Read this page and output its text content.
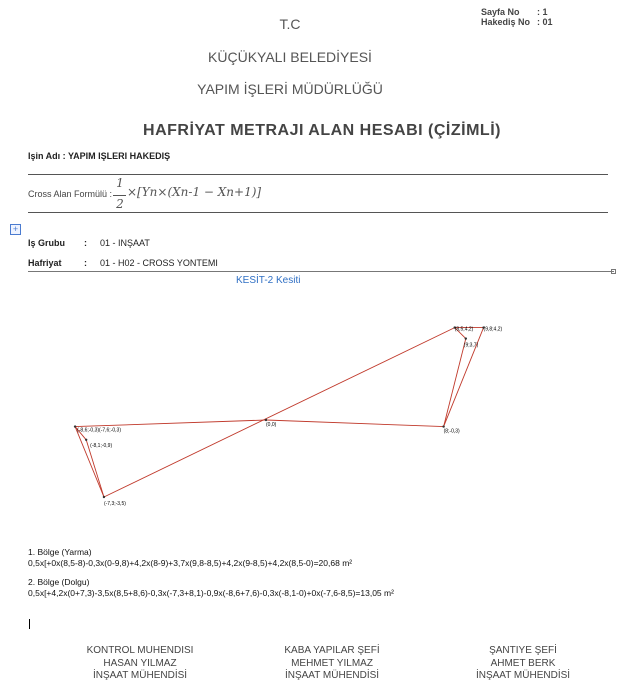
T.C
KÜÇÜKYALI BELEDİYESİ
YAPIM İŞLERİ MÜDÜRLÜĞÜ
Sayfa No : 1
Hakediş No : 01
HAFRİYAT METRAJI ALAN HESABI (ÇİZİMLİ)
Işin Adı : YAPIM IŞLERI HAKEDIŞ
Cross Alan Formülü :
1
2
×[Yn×(Xn-1 − Xn+1)]
+
Iş Grubu : 01 - INŞAAT
Hafriyat : 01 - H02 - CROSS YONTEMI
KESİT-2 Kesiti
(-8,6;-0,3)(-7,6;-0,3)
(-8,1;-0,9)
(-7,3;-3,5)
(0,0)
(8,5;4,2) (9,8;4,2)
(9;3,7)
(8;-0,3)
1. Bölge (Yarma)
0,5x[+0x(8,5-8)-0,3x(0-9,8)+4,2x(8-9)+3,7x(9,8-8,5)+4,2x(9-8,5)+4,2x(8,5-0)=20,68 m²
2. Bölge (Dolgu)
0,5x[+4,2x(0+7,3)-3,5x(8,5+8,6)-0,3x(-7,3+8,1)-0,9x(-8,6+7,6)-0,3x(-8,1-0)+0x(-7,6-8,5)=13,05 m²
KONTROL MUHENDISI
HASAN YILMAZ
İNŞAAT MÜHENDİSİ
KABA YAPILAR ŞEFİ
MEHMET YILMAZ
İNŞAAT MÜHENDİSİ
ŞANTIYE ŞEFİ
AHMET BERK
İNŞAAT MÜHENDİSİ
